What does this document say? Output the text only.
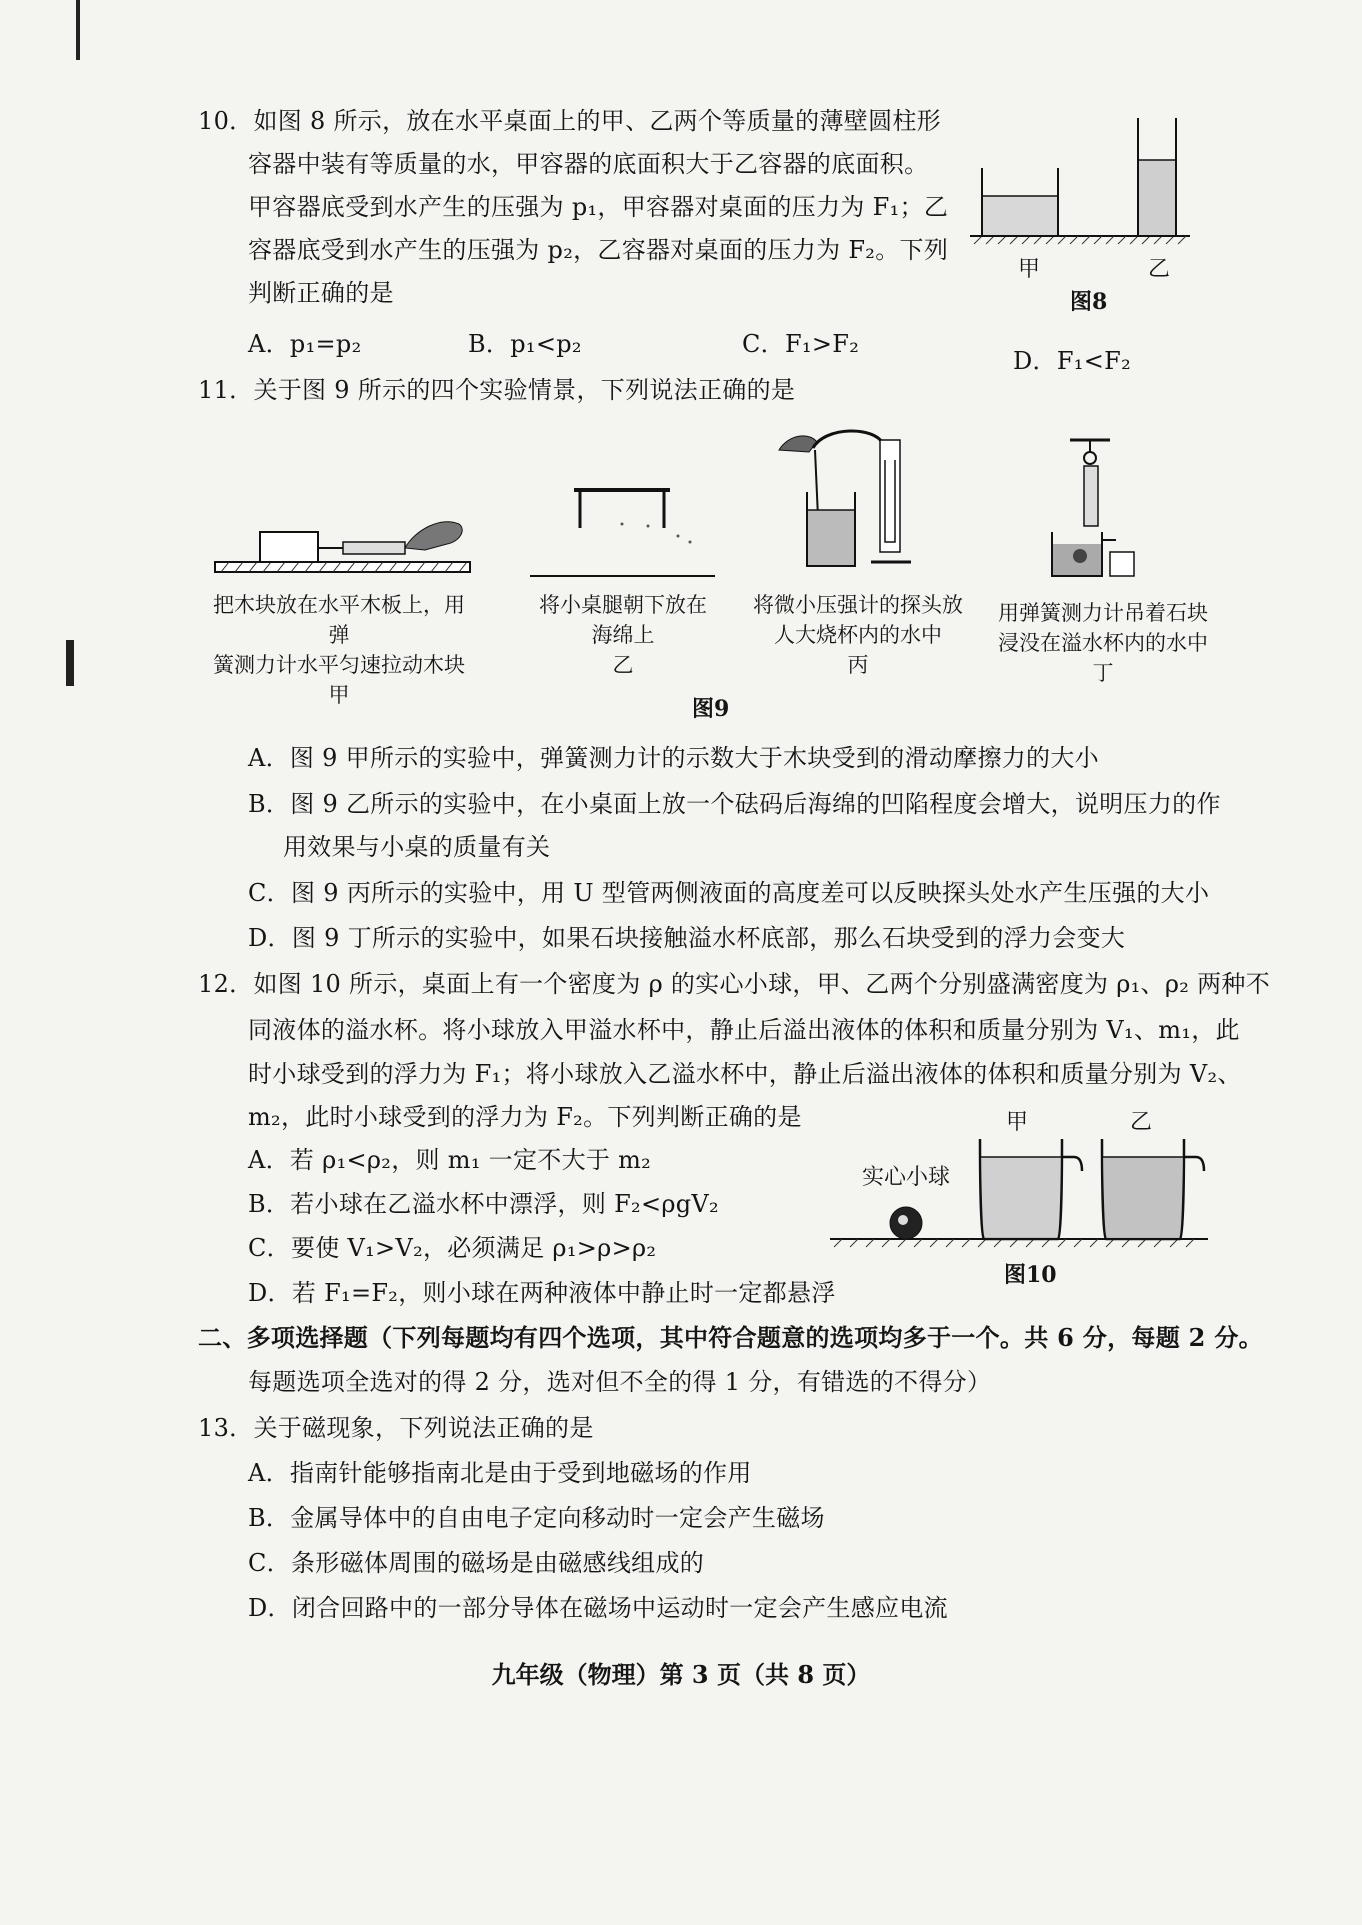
10．如图 8 所示，放在水平桌面上的甲、乙两个等质量的薄壁圆柱形
容器中装有等质量的水，甲容器的底面积大于乙容器的底面积。
甲容器底受到水产生的压强为 p₁，甲容器对桌面的压力为 F₁；乙
容器底受到水产生的压强为 p₂，乙容器对桌面的压力为 F₂。下列
判断正确的是
A．p₁=p₂	B．p₁<p₂	C．F₁>F₂
D．F₁<F₂
甲	乙
图8
11．关于图 9 所示的四个实验情景，下列说法正确的是
把木块放在水平木板上，用弹
簧测力计水平匀速拉动木块
甲
将小桌腿朝下放在
海绵上
乙
将微小压强计的探头放
人大烧杯内的水中
丙
用弹簧测力计吊着石块
浸没在溢水杯内的水中
丁
图9
A．图 9 甲所示的实验中，弹簧测力计的示数大于木块受到的滑动摩擦力的大小
B．图 9 乙所示的实验中，在小桌面上放一个砝码后海绵的凹陷程度会增大，说明压力的作
用效果与小桌的质量有关
C．图 9 丙所示的实验中，用 U 型管两侧液面的高度差可以反映探头处水产生压强的大小
D．图 9 丁所示的实验中，如果石块接触溢水杯底部，那么石块受到的浮力会变大
12．如图 10 所示，桌面上有一个密度为 ρ 的实心小球，甲、乙两个分别盛满密度为 ρ₁、ρ₂ 两种不
同液体的溢水杯。将小球放入甲溢水杯中，静止后溢出液体的体积和质量分别为 V₁、m₁，此
时小球受到的浮力为 F₁；将小球放入乙溢水杯中，静止后溢出液体的体积和质量分别为 V₂、
m₂，此时小球受到的浮力为 F₂。下列判断正确的是
A．若 ρ₁<ρ₂，则 m₁ 一定不大于 m₂
B．若小球在乙溢水杯中漂浮，则 F₂<ρgV₂
C．要使 V₁>V₂，必须满足 ρ₁>ρ>ρ₂
D．若 F₁=F₂，则小球在两种液体中静止时一定都悬浮
甲	乙
实心小球
图10
二、多项选择题（下列每题均有四个选项，其中符合题意的选项均多于一个。共 6 分，每题 2 分。
每题选项全选对的得 2 分，选对但不全的得 1 分，有错选的不得分）
13．关于磁现象，下列说法正确的是
A．指南针能够指南北是由于受到地磁场的作用
B．金属导体中的自由电子定向移动时一定会产生磁场
C．条形磁体周围的磁场是由磁感线组成的
D．闭合回路中的一部分导体在磁场中运动时一定会产生感应电流
九年级（物理）第 3 页（共 8 页）
